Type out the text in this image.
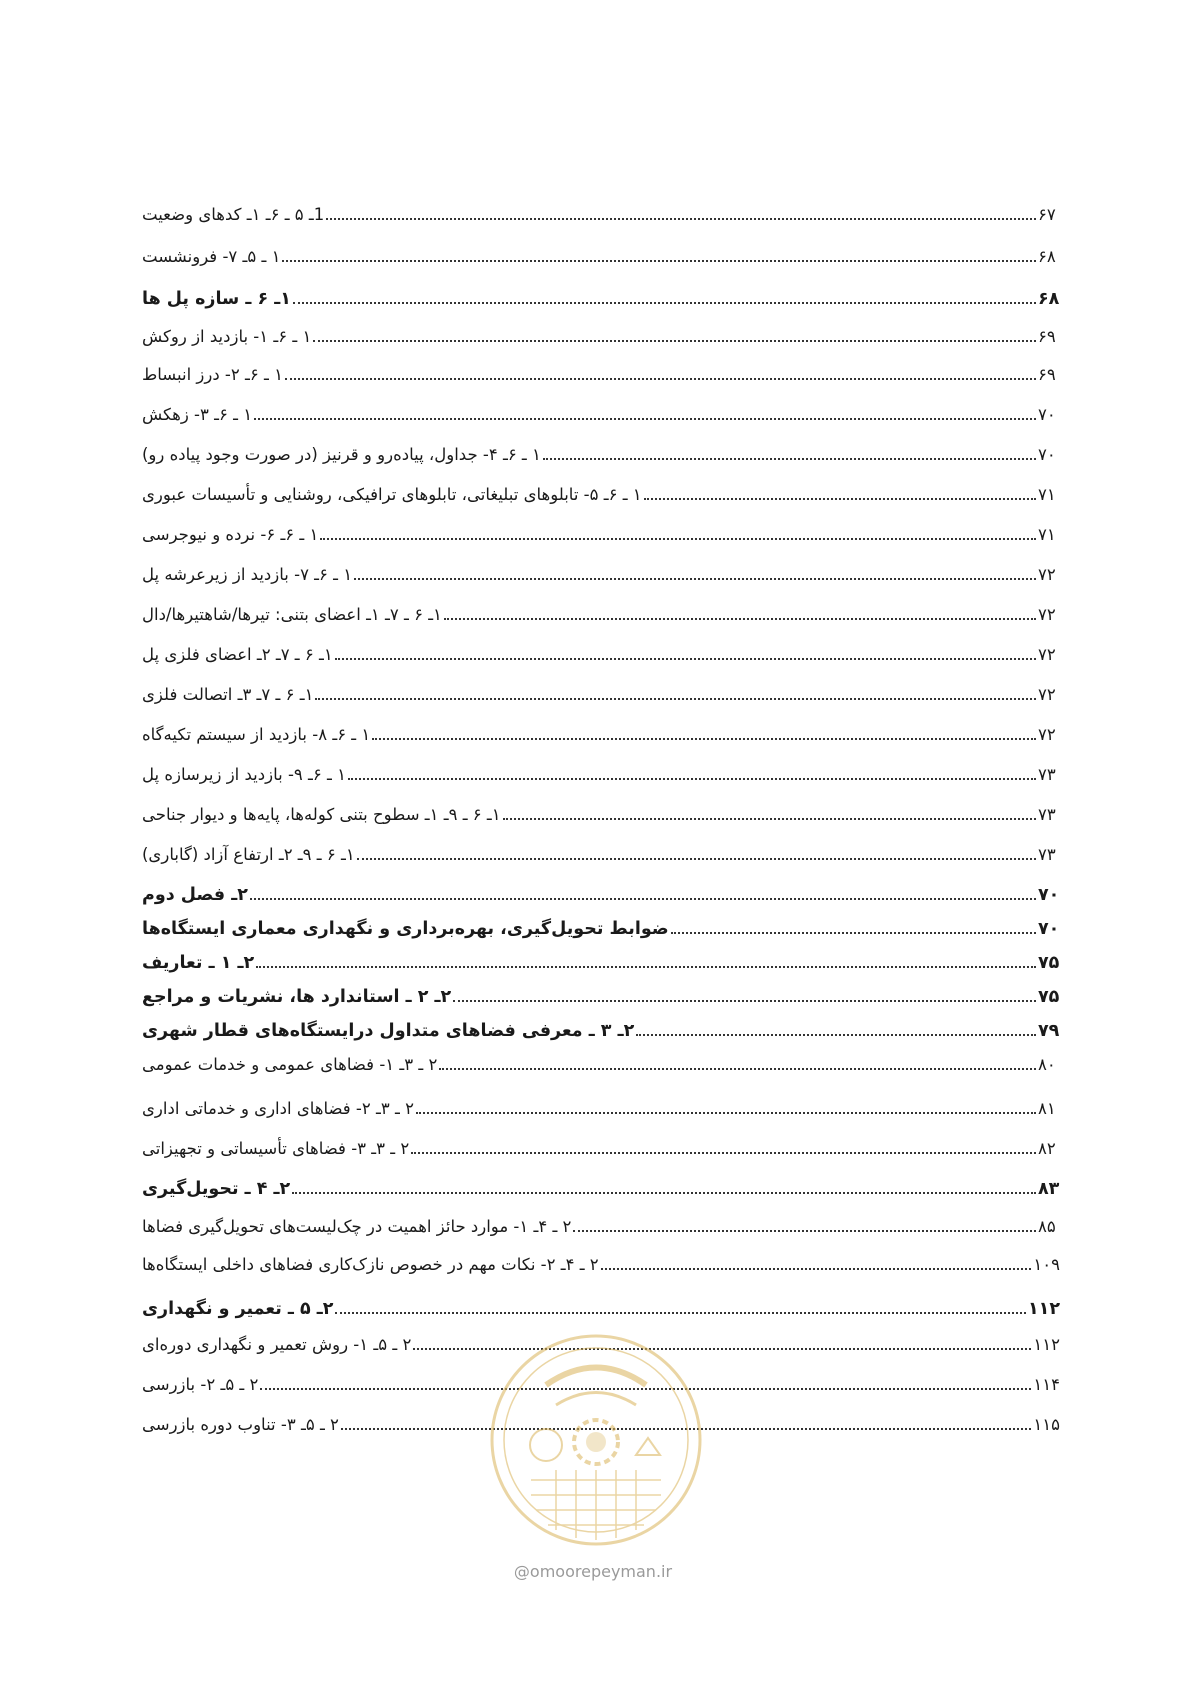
1ـ ۵ ـ ۶ـ ۱ـ کدهای وضعیت	۶۷
۱ ـ ۵ـ ۷- فرونشست	۶۸
۱ـ ۶ ـ سازه پل ها	۶۸
۱ ـ ۶ـ ۱- بازدید از روکش	۶۹
۱ ـ ۶ـ ۲- درز انبساط	۶۹
۱ ـ ۶ـ ۳- زهکش	۷۰
۱ ـ ۶ـ ۴- جداول، پیاده‌رو و قرنیز (در صورت وجود پیاده رو)	۷۰
۱ ـ ۶ـ ۵- تابلوهای تبلیغاتی، تابلوهای ترافیکی، روشنایی و تأسیسات عبوری	۷۱
۱ ـ ۶ـ ۶- نرده و نیوجرسی	۷۱
۱ ـ ۶ـ ۷- بازدید از زیرعرشه پل	۷۲
۱ـ ۶ ـ ۷ـ ۱ـ اعضای بتنی: تیرها/شاهتیرها/دال	۷۲
۱ـ ۶ ـ ۷ـ ۲ـ اعضای فلزی پل	۷۲
۱ـ ۶ ـ ۷ـ ۳ـ اتصالت فلزی	۷۲
۱ ـ ۶ـ ۸- بازدید از سیستم تکیه‌گاه	۷۲
۱ ـ ۶ـ ۹- بازدید از زیرسازه پل	۷۳
۱ـ ۶ ـ ۹ـ ۱ـ سطوح بتنی کوله‌ها، پایه‌ها و دیوار جناحی	۷۳
۱ـ ۶ ـ ۹ـ ۲ـ ارتفاع آزاد (گاباری)	۷۳
۲ـ فصل دوم	۷۰
ضوابط تحویل‌گیری، بهره‌برداری و نگهداری معماری ایستگاه‌ها	۷۰
۲ـ ۱ ـ تعاریف	۷۵
۲ـ ۲ ـ استاندارد ها، نشریات و مراجع	۷۵
۲ـ ۳ ـ معرفی فضاهای متداول درایستگاه‌های قطار شهری	۷۹
۲ ـ ۳ـ ۱- فضاهای عمومی و خدمات عمومی	۸۰
۲ ـ ۳ـ ۲- فضاهای اداری و خدماتی اداری	۸۱
۲ ـ ۳ـ ۳- فضاهای تأسیساتی و تجهیزاتی	۸۲
۲ـ ۴ ـ تحویل‌گیری	۸۳
۲ ـ ۴ـ ۱- موارد حائز اهمیت در چک‌لیست‌های تحویل‌گیری فضاها	۸۵
۲ ـ ۴ـ ۲- نکات مهم در خصوص نازک‌کاری فضاهای داخلی ایستگاه‌ها	۱۰۹
۲ـ ۵ ـ تعمیر و نگهداری	۱۱۲
۲ ـ ۵ـ ۱- روش تعمیر و نگهداری دوره‌ای	۱۱۲
۲ ـ ۵ـ ۲- بازرسی	۱۱۴
۲ ـ ۵ـ ۳- تناوب دوره بازرسی	۱۱۵
@omoorepeyman.ir
